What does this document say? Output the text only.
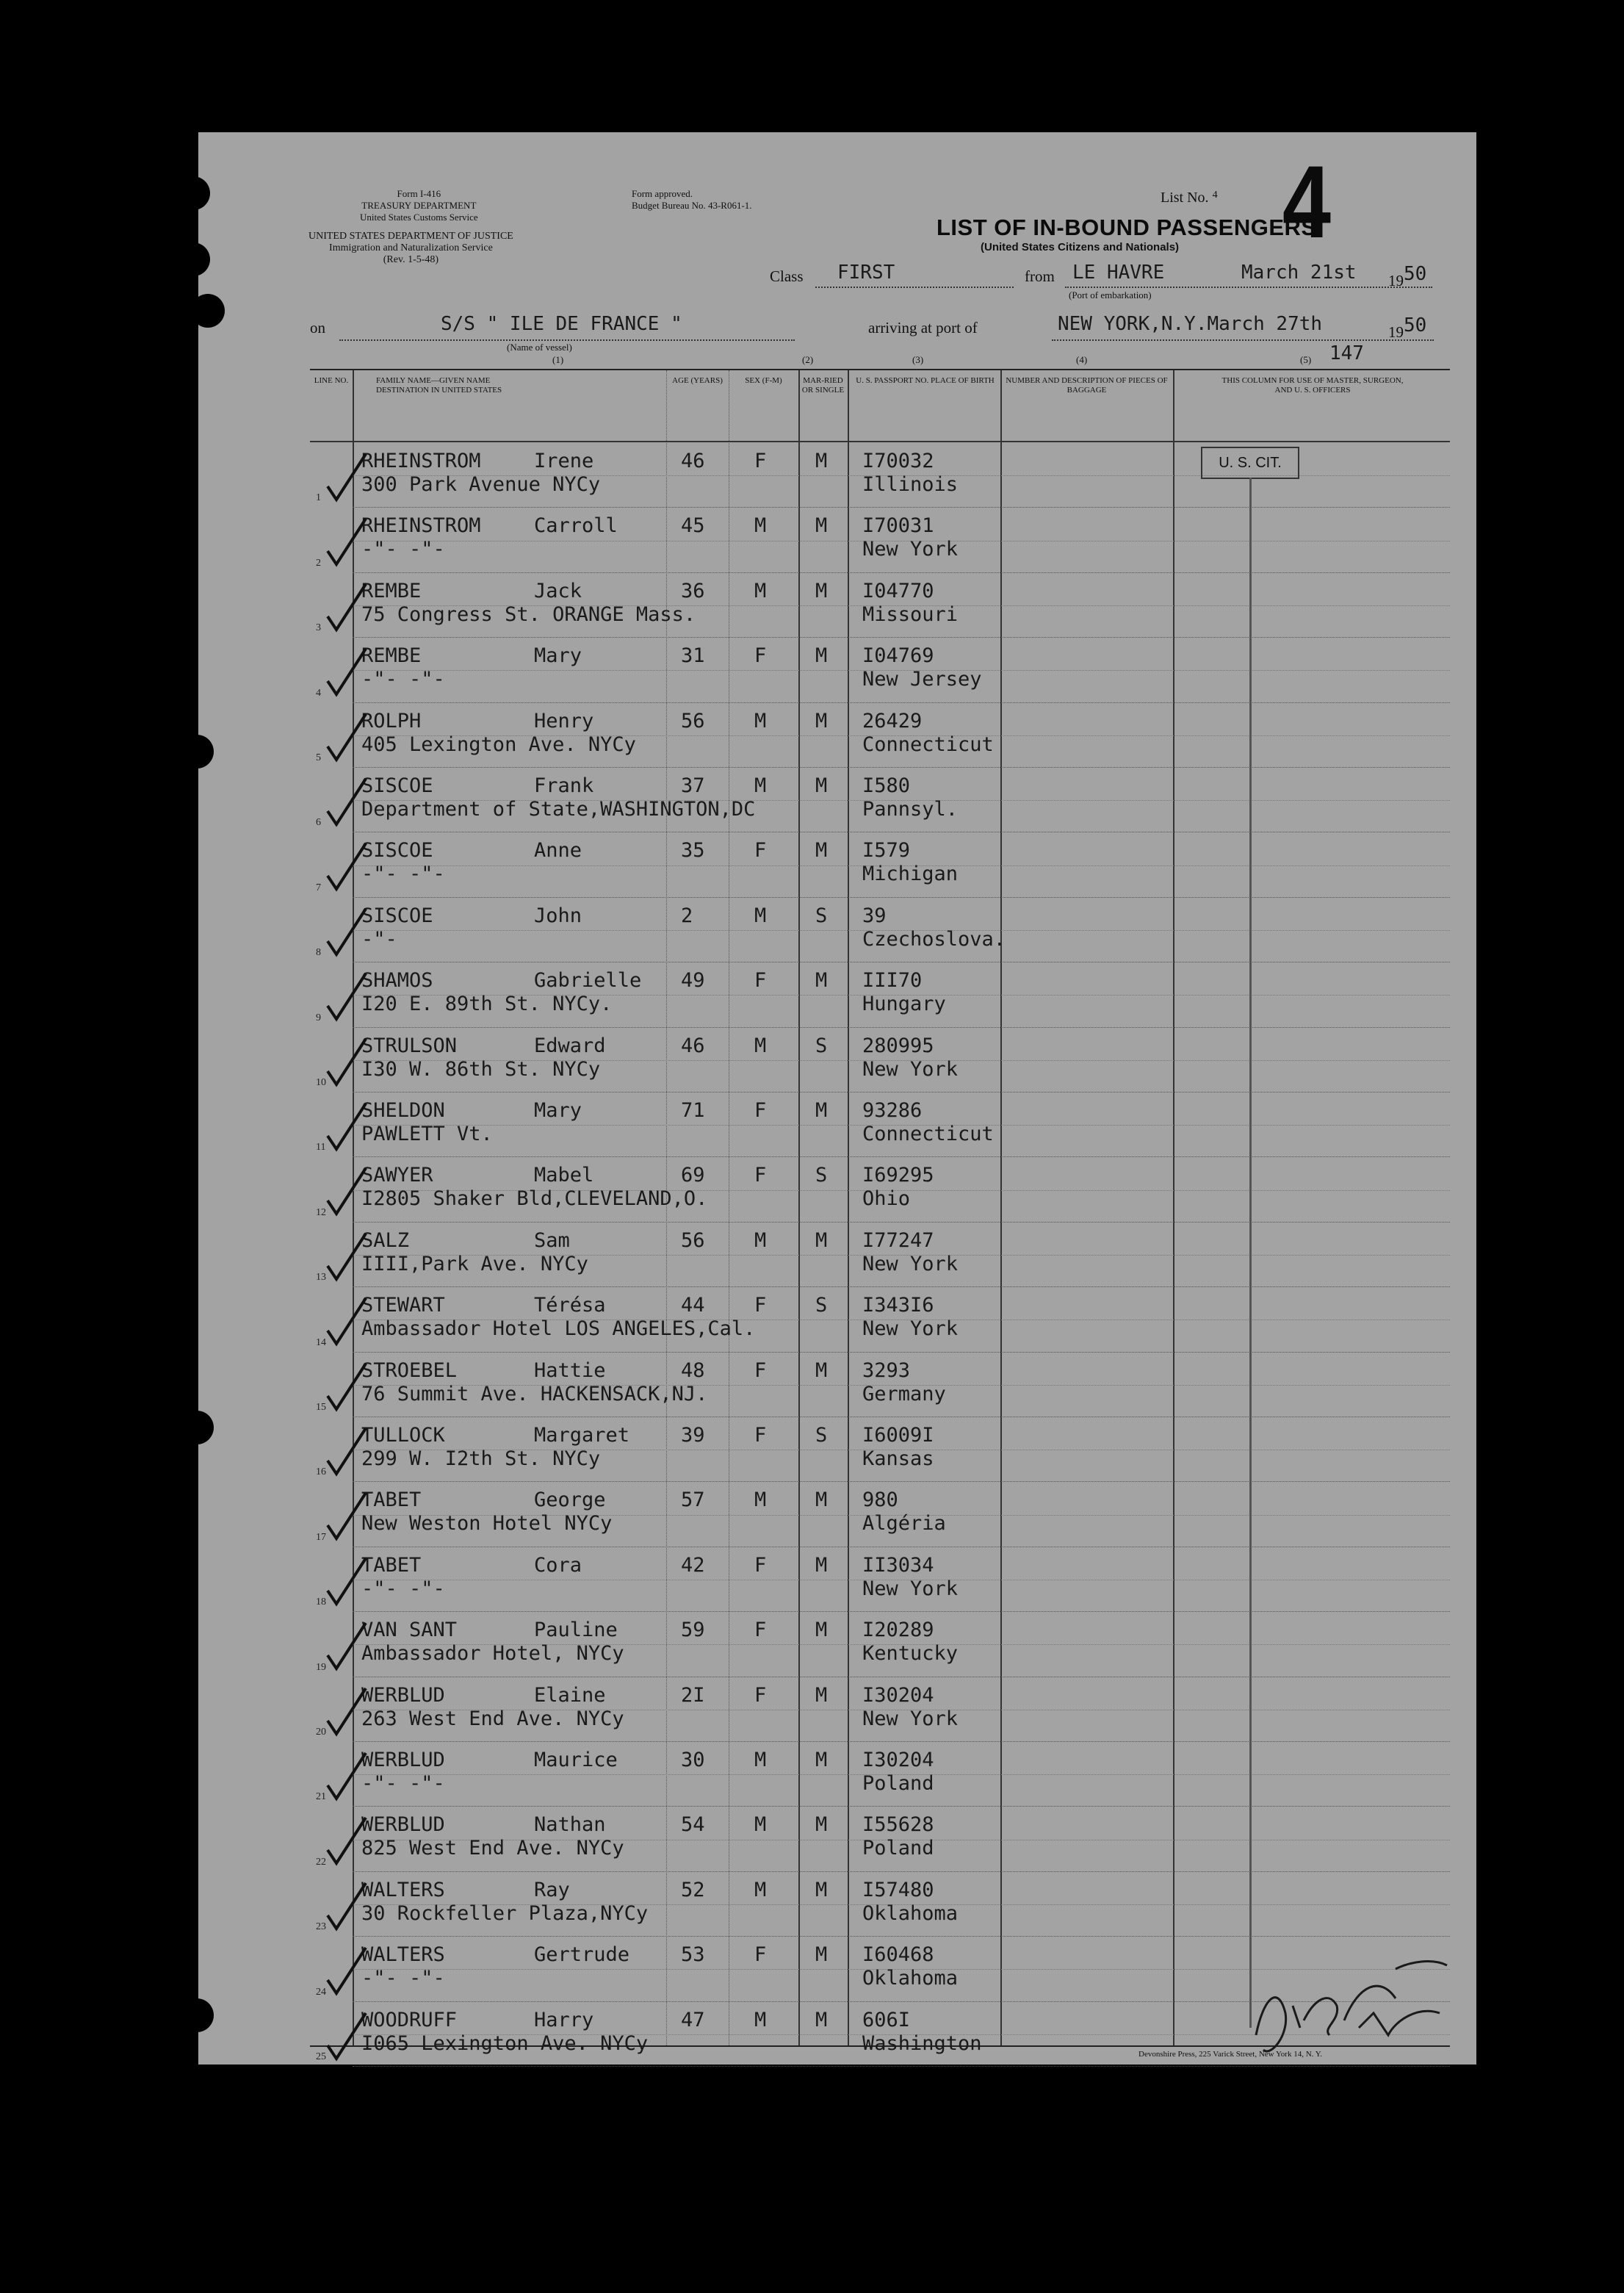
Form I-416
TREASURY DEPARTMENT
United States Customs Service
Form approved.
Budget Bureau No. 43-R061-1.
UNITED STATES DEPARTMENT OF JUSTICE
Immigration and Naturalization Service
(Rev. 1-5-48)
List No. $^4$ 4
LIST OF IN-BOUND PASSENGERS
(United States Citizens and Nationals)
Class FIRST	from LE HAVRE	March 21st 1950
(Port of embarkation)
on	S/S " ILE DE FRANCE "
(Name of vessel)
arriving at port of	NEW YORK,N.Y.March 27th	1950
(1)	(2)	(3)	(4)	(5) 147
LINE NO.	FAMILY NAME—GIVEN NAME DESTINATION IN UNITED STATES
AGE (YEARS)	SEX (F-M)	MAR-RIED OR SINGLE
U. S. PASSPORT NO. PLACE OF BIRTH NUMBER AND DESCRIPTION OF PIECES OF BAGGAGE
THIS COLUMN FOR USE OF MASTER, SURGEON, AND U. S. OFFICERS
1
RHEINSTROM	Irene	46 F M I70032
300 Park Avenue NYCy	Illinois
2
RHEINSTROM	Carroll	45 M M I70031
-"- -"-	New York
3
REMBE	Jack	36 M M I04770
75 Congress St. ORANGE Mass.	Missouri
4
REMBE	Mary	31 F M I04769
-"- -"-	New Jersey
5
ROLPH	Henry	56 M M 26429
405 Lexington Ave. NYCy	Connecticut
6
SISCOE	Frank	37 M M I580
Department of State,WASHINGTON,DC	Pannsyl.
7
SISCOE	Anne	35 F M I579
-"- -"-	Michigan
8
SISCOE	John	2	M S 39
-"-	Czechoslova.
9
SHAMOS	Gabrielle 49 F M III70
I20 E. 89th St. NYCy.	Hungary
10
STRULSON	Edward	46 M S 280995
I30 W. 86th St. NYCy	New York
11
SHELDON	Mary	71 F M 93286
PAWLETT Vt.	Connecticut
12
SAWYER	Mabel	69 F S I69295
I2805 Shaker Bld,CLEVELAND,O.	Ohio
13
SALZ	Sam	56 M M I77247
IIII,Park Ave. NYCy	New York
14
STEWART	Térésa	44 F S I343I6
Ambassador Hotel LOS ANGELES,Cal.	New York
15
STROEBEL	Hattie	48 F M 3293
76 Summit Ave. HACKENSACK,NJ.	Germany
16
TULLOCK	Margaret	39 F S I6009I
299 W. I2th St. NYCy	Kansas
17
TABET	George	57 M M 980
New Weston Hotel NYCy	Algéria
18
TABET	Cora	42 F M II3034
-"- -"-	New York
19
VAN SANT	Pauline	59 F M I20289
Ambassador Hotel, NYCy	Kentucky
20
WERBLUD	Elaine	2I F M I30204
263 West End Ave. NYCy	New York
21
WERBLUD	Maurice	30 M M I30204
-"- -"-	Poland
22
WERBLUD	Nathan	54 M M I55628
825 West End Ave. NYCy	Poland
23
WALTERS	Ray	52 M M I57480
30 Rockfeller Plaza,NYCy	Oklahoma
24
WALTERS	Gertrude	53 F M I60468
-"- -"-	Oklahoma
25
WOODRUFF	Harry	47 M M 606I
I065 Lexington Ave. NYCy	Washington
U. S. CIT.
Devonshire Press, 225 Varick Street, New York 14, N. Y.
